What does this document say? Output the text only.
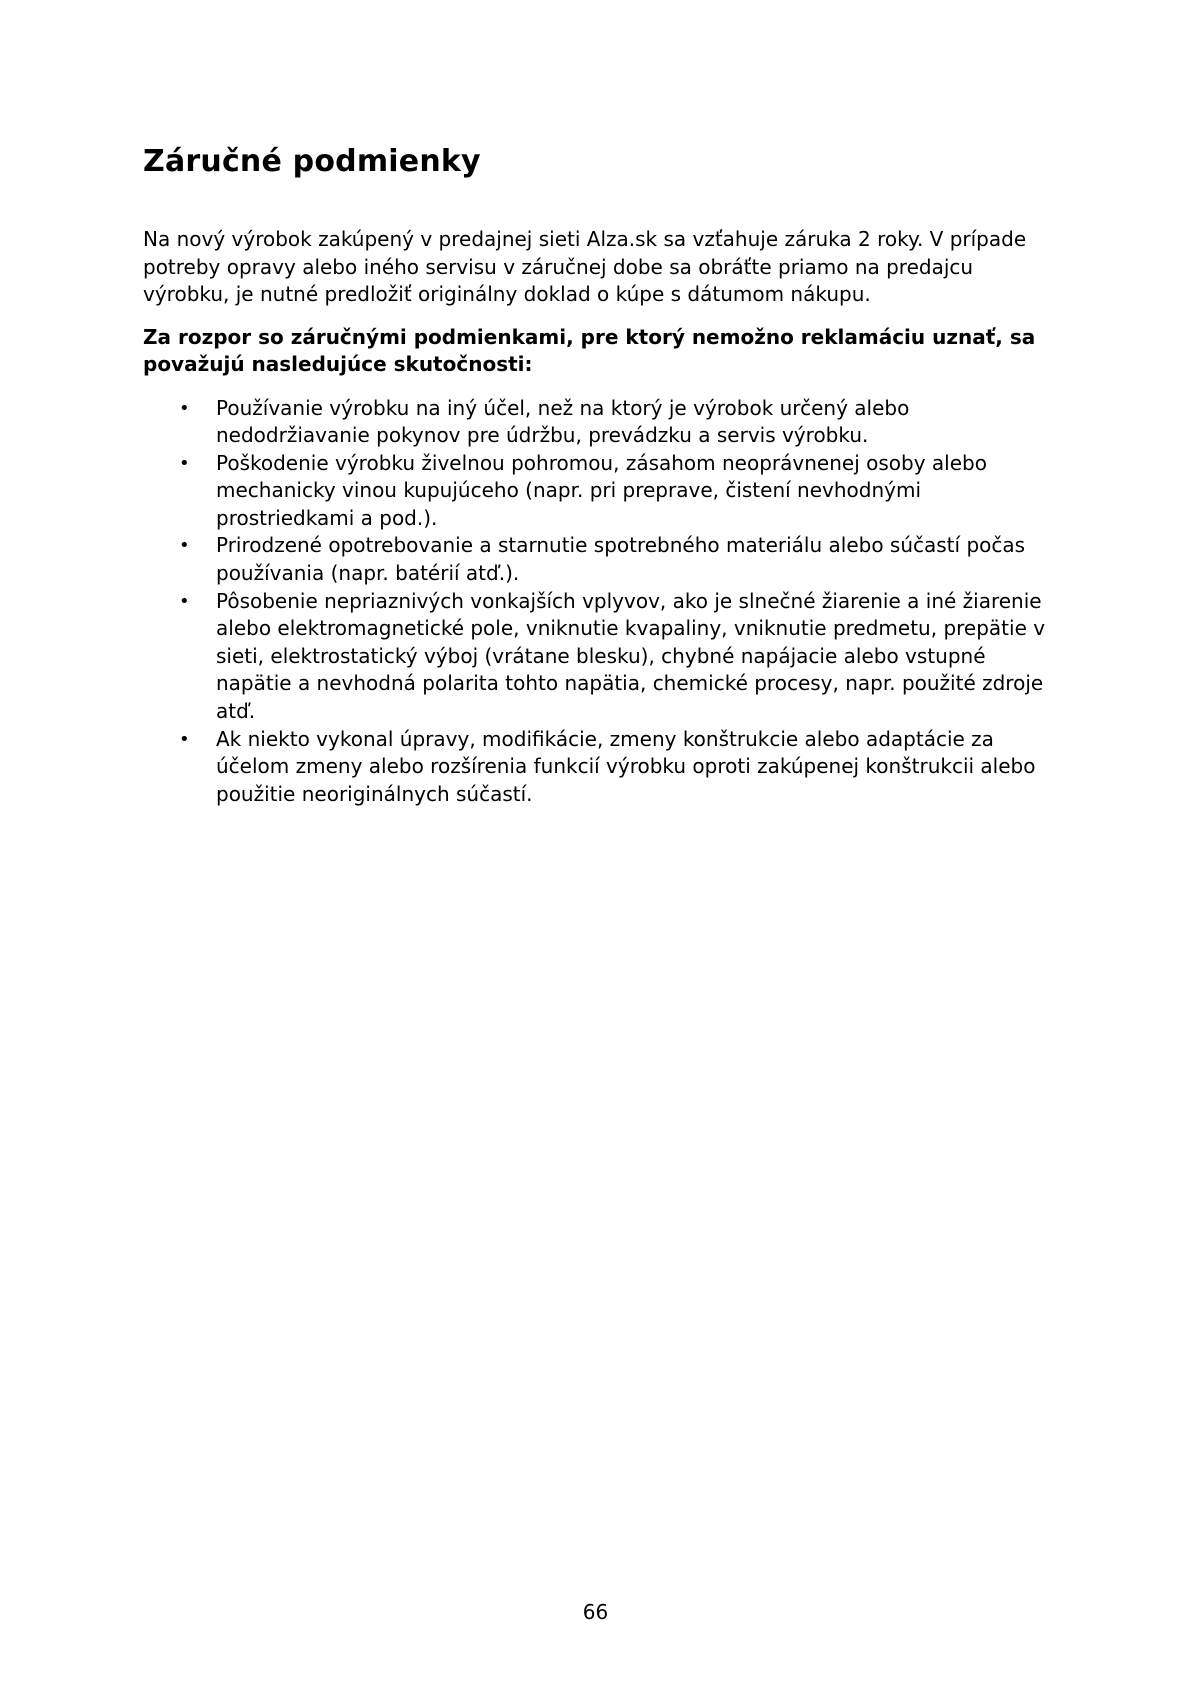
Záručné podmienky

Na nový výrobok zakúpený v predajnej sieti Alza.sk sa vzťahuje záruka 2 roky. V prípade potreby opravy alebo iného servisu v záručnej dobe sa obráťte priamo na predajcu výrobku, je nutné predložiť originálny doklad o kúpe s dátumom nákupu.

Za rozpor so záručnými podmienkami, pre ktorý nemožno reklamáciu uznať, sa považujú nasledujúce skutočnosti:

• Používanie výrobku na iný účel, než na ktorý je výrobok určený alebo nedodržiavanie pokynov pre údržbu, prevádzku a servis výrobku.
• Poškodenie výrobku živelnou pohromou, zásahom neoprávnenej osoby alebo mechanicky vinou kupujúceho (napr. pri preprave, čistení nevhodnými prostriedkami a pod.).
• Prirodzené opotrebovanie a starnutie spotrebného materiálu alebo súčastí počas používania (napr. batérií atď.).
• Pôsobenie nepriaznivých vonkajších vplyvov, ako je slnečné žiarenie a iné žiarenie alebo elektromagnetické pole, vniknutie kvapaliny, vniknutie predmetu, prepätie v sieti, elektrostatický výboj (vrátane blesku), chybné napájacie alebo vstupné napätie a nevhodná polarita tohto napätia, chemické procesy, napr. použité zdroje atď.
• Ak niekto vykonal úpravy, modifikácie, zmeny konštrukcie alebo adaptácie za účelom zmeny alebo rozšírenia funkcií výrobku oproti zakúpenej konštrukcii alebo použitie neoriginálnych súčastí.
66
